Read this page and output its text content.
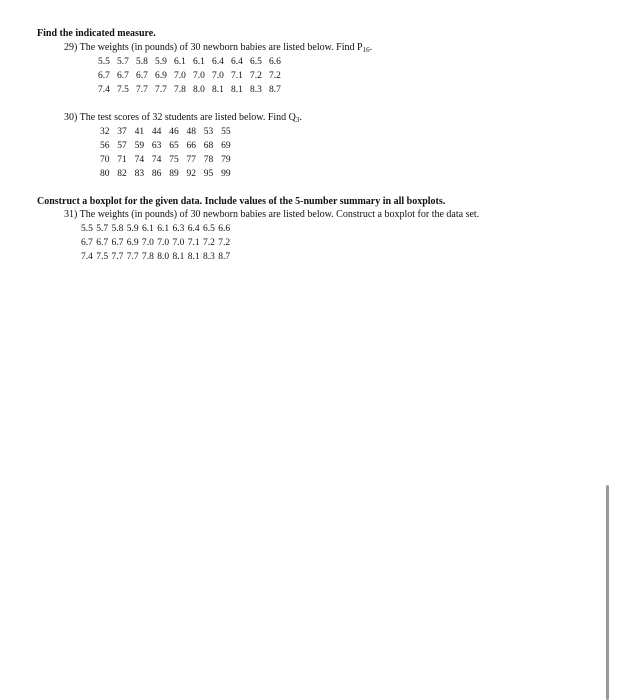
Find the indicated measure.
29) The weights (in pounds) of 30 newborn babies are listed below. Find $P_{16}$.
5.5 5.7 5.8 5.9 6.1 6.1 6.4 6.4 6.5 6.6
6.7 6.7 6.7 6.9 7.0 7.0 7.0 7.1 7.2 7.2
7.4 7.5 7.7 7.7 7.8 8.0 8.1 8.1 8.3 8.7
30) The test scores of 32 students are listed below. Find $Q_3$.
32 37 41 44 46 48 53 55
56 57 59 63 65 66 68 69
70 71 74 74 75 77 78 79
80 82 83 86 89 92 95 99
Construct a boxplot for the given data. Include values of the 5-number summary in all boxplots.
31) The weights (in pounds) of 30 newborn babies are listed below. Construct a boxplot for the data set.
5.5 5.7 5.8 5.9 6.1 6.1 6.3 6.4 6.5 6.6
6.7 6.7 6.7 6.9 7.0 7.0 7.0 7.1 7.2 7.2
7.4 7.5 7.7 7.7 7.8 8.0 8.1 8.1 8.3 8.7
